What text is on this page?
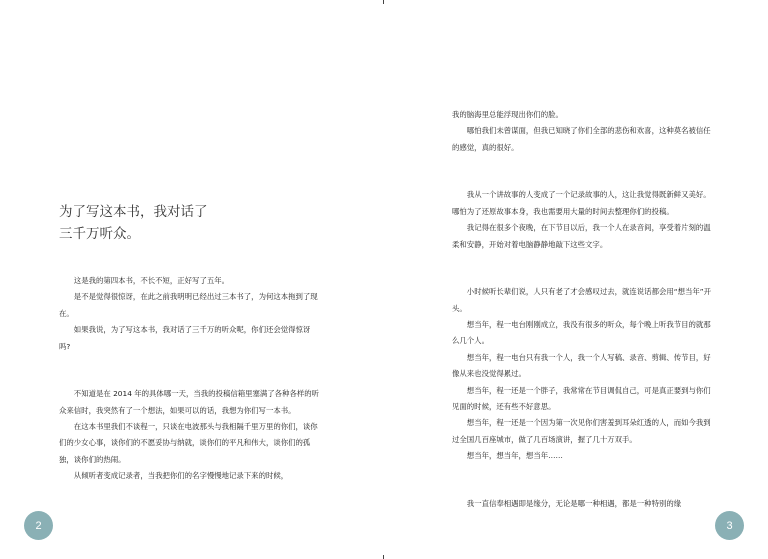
为了写这本书，我对话了
三千万听众。

这是我的第四本书，不长不短，正好写了五年。

是不是觉得很惊讶，在此之前我明明已经出过三本书了，为何这本拖到了现在。

如果我说，为了写这本书，我对话了三千万的听众呢，你们还会觉得惊讶吗?

不知道是在 2014 年的具体哪一天，当我的投稿信箱里塞满了各种各样的听众来信时，我突然有了一个想法，如果可以的话，我想为你们写一本书。

在这本书里我们不谈程一，只谈在电波那头与我相隔千里万里的你们，谈你们的少女心事，谈你们的不愿妥协与纳就，谈你们的平凡和伟大，谈你们的孤独，谈你们的热闹。

从倾听者变成记录者，当我把你们的名字慢慢地记录下来的时候，

2

我的脑海里总能浮现出你们的脸。

哪怕我们未曾谋面，但我已知晓了你们全部的悲伤和欢喜，这种莫名被信任的感觉，真的很好。

我从一个讲故事的人变成了一个记录故事的人，这让我觉得既新鲜又美好。哪怕为了还原故事本身，我也需要用大量的时间去整理你们的投稿。

我记得在很多个夜晚，在下节目以后，我一个人在录音间，享受着片刻的温柔和安静，开始对着电脑静静地敲下这些文字。

小时候听长辈们说，人只有老了才会感叹过去，就连说话都会用“想当年”开头。

想当年，程一电台刚刚成立，我没有很多的听众，每个晚上听我节目的就那么几个人。

想当年，程一电台只有我一个人，我一个人写稿、录音、剪辑、传节目，好像从来也没觉得累过。

想当年，程一还是一个胖子，我常常在节目调侃自己，可是真正要到与你们见面的时候，还有些不好意思。

想当年，程一还是一个因为第一次见你们害羞到耳朵红透的人，而如今我到过全国几百座城市，做了几百场演讲，握了几十万双手。

想当年，想当年，想当年……

我一直信奉相遇即是缘分，无论是哪一种相遇，都是一种特别的缘

3
